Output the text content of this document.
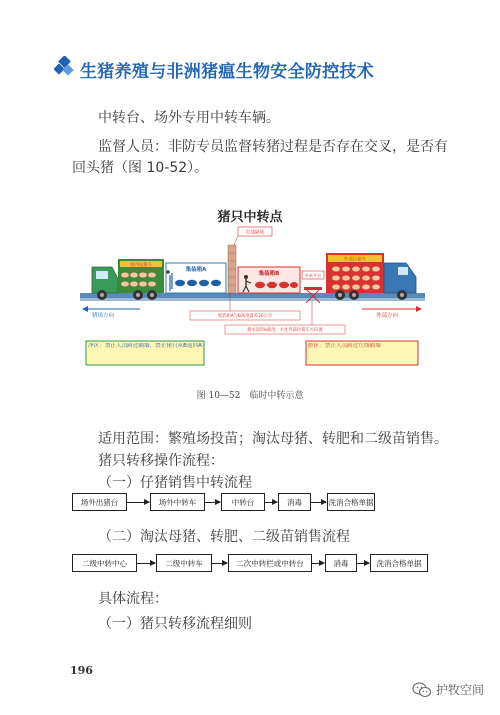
生猪养殖与非洲猪瘟生物安全防控技术
中转台、场外专用中转车辆。
监督人员：非防专员监督转猪过程是否存在交叉，是否有
回头猪（图 10-52）。
猪只中转点
场内运猪车
集装箱A
红线隔墙
集装箱B	外转平台
外部拉猪车
猪场方向	外部方向
集装箱A与B高度落差20公分
排水沟5%坡度，水往外部拉猪车方向流
净区：禁止人员跨过隔墙，禁止猪只从B返回A	脏区：禁止人员跨过红线隔墙
图 10—52　临时中转示意
适用范围：繁殖场投苗；淘汰母猪、转肥和二级苗销售。
猪只转移操作流程：
（一）仔猪销售中转流程
场外出猪台	场外中转车	中转台	消毒	洗消合格单据
（二）淘汰母猪、转肥、二级苗销售流程
二级中转中心	二级中转车	二次中转栏或中转台	消毒	洗消合格单据
具体流程：
（一）猪只转移流程细则
196
护牧空间
